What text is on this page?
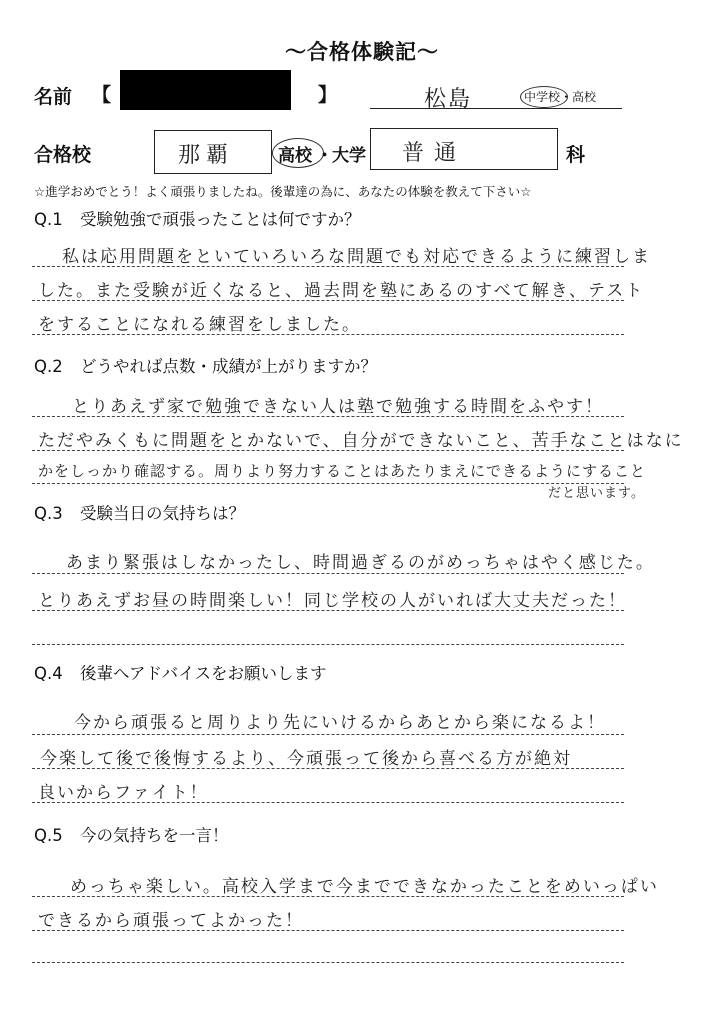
～合格体験記～
名前 【	】	松島	中学校・高校
合格校	那覇	高校 ・ 大学 普通	科
☆進学おめでとう！よく頑張りましたね。後輩達の為に、あなたの体験を教えて下さい☆
Q.1 受験勉強で頑張ったことは何ですか？
私は応用問題をといていろいろな問題でも対応できるように練習しま
した。また受験が近くなると、過去問を塾にあるのすべて解き、テスト
をすることになれる練習をしました。
Q.2 どうやれば点数・成績が上がりますか？
とりあえず家で勉強できない人は塾で勉強する時間をふやす！
ただやみくもに問題をとかないで、自分ができないこと、苦手なことはなに
かをしっかり確認する。周りより努力することはあたりまえにできるようにすること
だと思います。
Q.3 受験当日の気持ちは？
あまり緊張はしなかったし、時間過ぎるのがめっちゃはやく感じた。
とりあえずお昼の時間楽しい！同じ学校の人がいれば大丈夫だった！
Q.4 後輩へアドバイスをお願いします
今から頑張ると周りより先にいけるからあとから楽になるよ！
今楽して後で後悔するより、今頑張って後から喜べる方が絶対
良いからファイト！
Q.5 今の気持ちを一言！
めっちゃ楽しい。高校入学まで今までできなかったことをめいっぱい
できるから頑張ってよかった！
